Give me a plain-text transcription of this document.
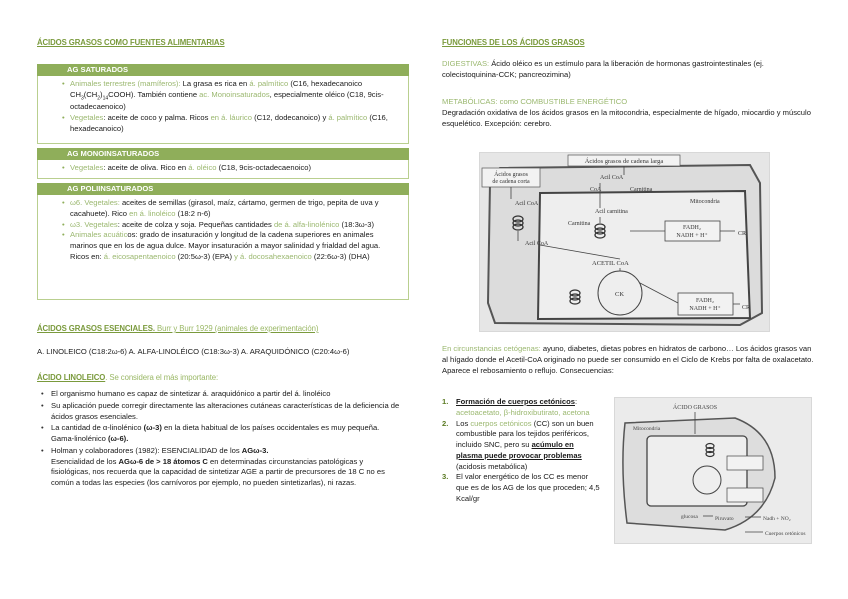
ÁCIDOS GRASOS COMO FUENTES ALIMENTARIAS
AG SATURADOS
• Animales terrestres (mamíferos): La grasa es rica en á. palmítico (C16, hexadecanoico $CH_3(CH_2)_{14}COOH$). También contiene ac. Monoinsaturados, especialmente oléico (C18, 9cis-octadecaenoico)
• Vegetales: aceite de coco y palma. Ricos en á. láurico (C12, dodecanoico) y á. palmítico (C16, hexadecanoico)
AG MONOINSATURADOS
• Vegetales: aceite de oliva. Rico en á. oléico (C18, 9cis-octadecaenoico)
AG POLIINSATURADOS
• ω6. Vegetales: aceites de semillas (girasol, maíz, cártamo, germen de trigo, pepita de uva y cacahuete). Rico en á. linoléico (18:2 n-6)
• ω3. Vegetales: aceite de colza y soja. Pequeñas cantidades de á. alfa-linolénico (18:3ω-3)
• Animales acuáticos: grado de insaturación y longitud de la cadena superiores en animales marinos que en los de agua dulce. Mayor insaturación a mayor salinidad y frialdad del agua. Ricos en: á. eicosapentaenoico (20:5ω-3) (EPA) y á. docosahexaenoico (22:6ω-3) (DHA)
ÁCIDOS GRASOS ESENCIALES. Burr y Burr 1929 (animales de experimentación)
A. LINOLEICO (C18:2ω-6) A. ALFA-LINOLÉICO (C18:3ω-3) A. ARAQUIDÓNICO (C20:4ω-6)
ÁCIDO LINOLEICO. Se considera el más importante:
• El organismo humano es capaz de sintetizar á. araquidónico a partir del á. linoléico
• Su aplicación puede corregir directamente las alteraciones cutáneas características de la deficiencia de ácidos grasos esenciales.
• La cantidad de α-linolénico (ω-3) en la dieta habitual de los países occidentales es muy pequeña. Gama-linolénico (ω-6).
• Holman y colaboradores (1982): ESENCIALIDAD de los AGω-3.
Esencialidad de los AGω-6 de > 18 átomos C en determinadas circunstancias patológicas y fisiológicas, nos recuerda que la capacidad de sintetizar AGE a partir de precursores de 18 C no es común a todas las especies (los carnívoros por ejemplo, no pueden sintetizarlas), ni razas.
FUNCIONES DE LOS ÁCIDOS GRASOS
DIGESTIVAS: Ácido oléico es un estímulo para la liberación de hormonas gastrointestinales (ej. colecistoquinina-CCK; pancreozimina)
METABÓLICAS: como COMBUSTIBLE ENERGÉTICO
Degradación oxidativa de los ácidos grasos en la mitocondria, especialmente de hígado, miocardio y músculo esquelético. Excepción: cerebro.
Ácidos grasos de cadena larga
Ácidos grasos de cadena corta
Acil CoA
CoA	Carnitina
Acil CoA	Mitocondria
Acil carnitina
Carnitina
Acil CoA
FADH₂
NADH + H⁺	CR
ACETIL CoA
CK
FADH₂
NADH + H⁺	CR
En circunstancias cetógenas: ayuno, diabetes, dietas pobres en hidratos de carbono… Los ácidos grasos van al hígado donde el Acetil-CoA originado no puede ser consumido en el Ciclo de Krebs por falta de oxalacetato. Aparece el rebosamiento o reflujo. Consecuencias:
1. Formación de cuerpos cetónicos:
acetoacetato, β-hidroxibutirato, acetona
2. Los cuerpos cetónicos (CC) son un buen combustible para los tejidos periféricos, incluido SNC, pero su acúmulo en plasma puede provocar problemas (acidosis metabólica)
3. El valor energético de los CC es menor que es de los AG de los que proceden; 4,5 Kcal/gr
ÁCIDO GRASOS
Mitocondria
glucosa	Piruvato	Nadh + NO₂
Cuerpos cetónicos
